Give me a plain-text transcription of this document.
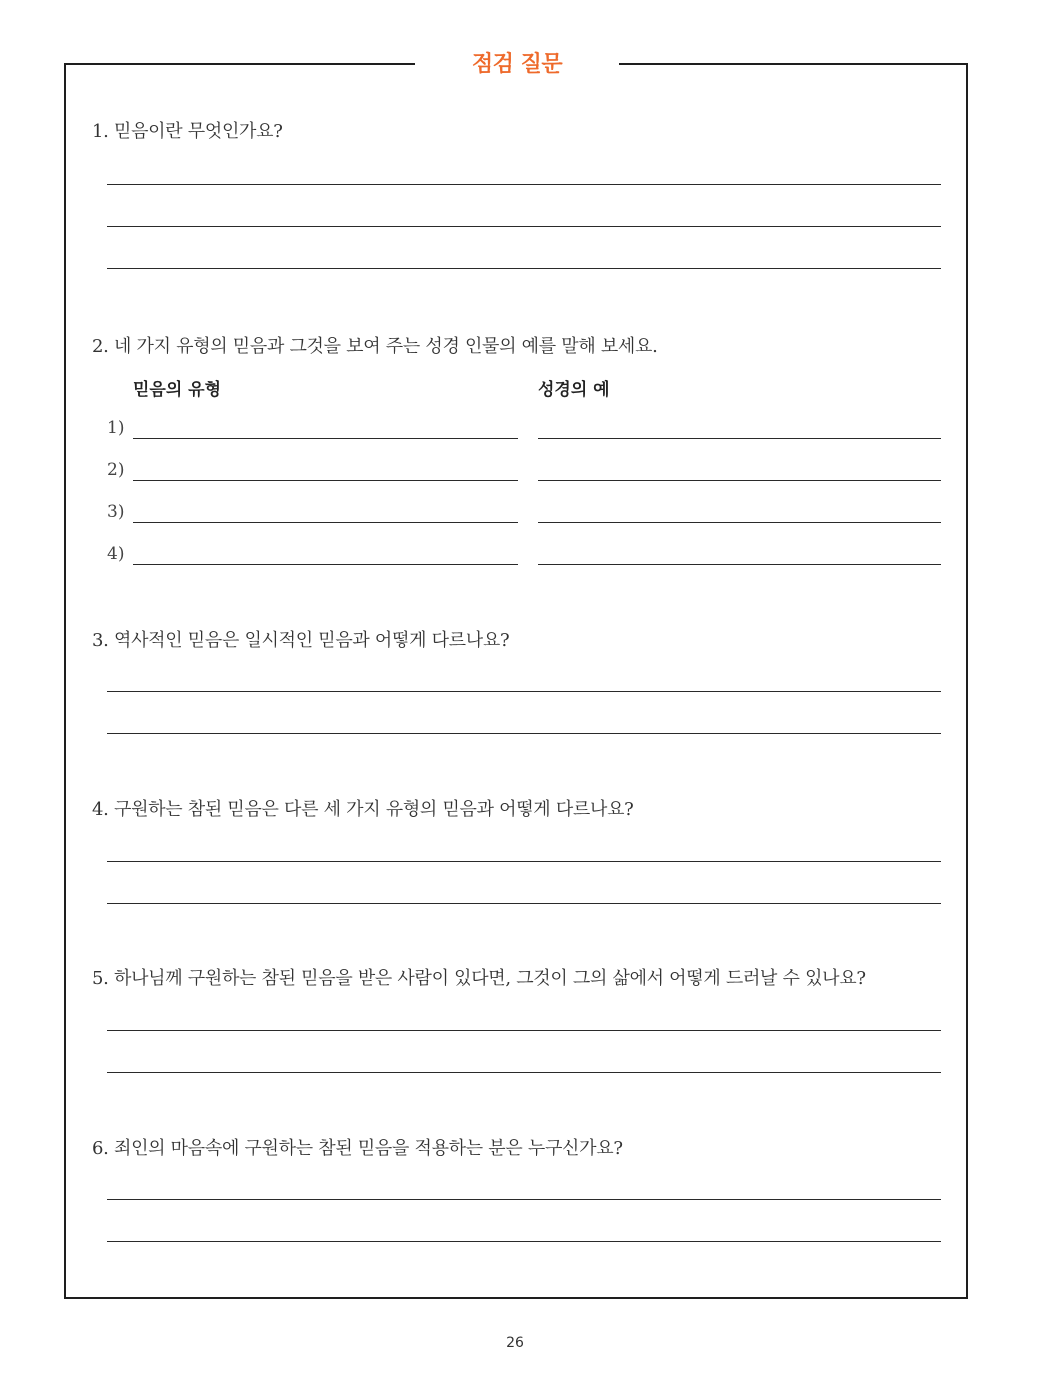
점검 질문
1. 믿음이란 무엇인가요?
2. 네 가지 유형의 믿음과 그것을 보여 주는 성경 인물의 예를 말해 보세요.
믿음의 유형	성경의 예
1)
2)
3)
4)
3. 역사적인 믿음은 일시적인 믿음과 어떻게 다르나요?
4. 구원하는 참된 믿음은 다른 세 가지 유형의 믿음과 어떻게 다르나요?
5. 하나님께 구원하는 참된 믿음을 받은 사람이 있다면, 그것이 그의 삶에서 어떻게 드러날 수 있나요?
6. 죄인의 마음속에 구원하는 참된 믿음을 적용하는 분은 누구신가요?
26
